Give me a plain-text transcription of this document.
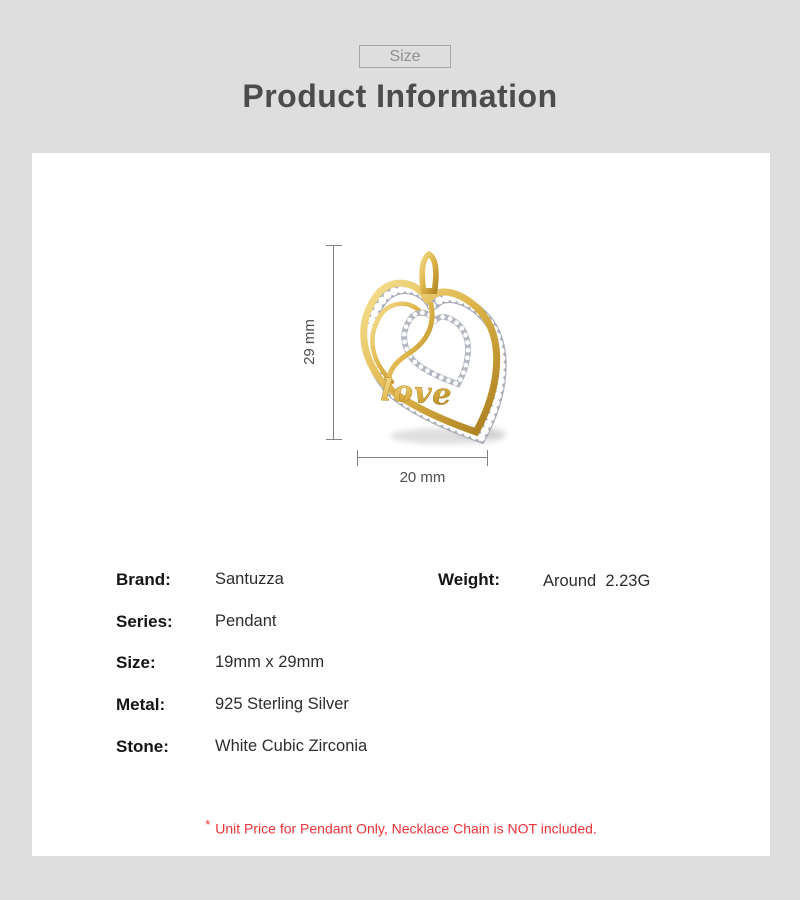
Size
Product Information
love
29 mm
20 mm
Brand:	Santuzza
Series:	Pendant
Size:	19mm x 29mm
Metal:	925 Sterling Silver
Stone:	White Cubic Zirconia
Weight:	Around  2.23G
* Unit Price for Pendant Only, Necklace Chain is NOT included.
